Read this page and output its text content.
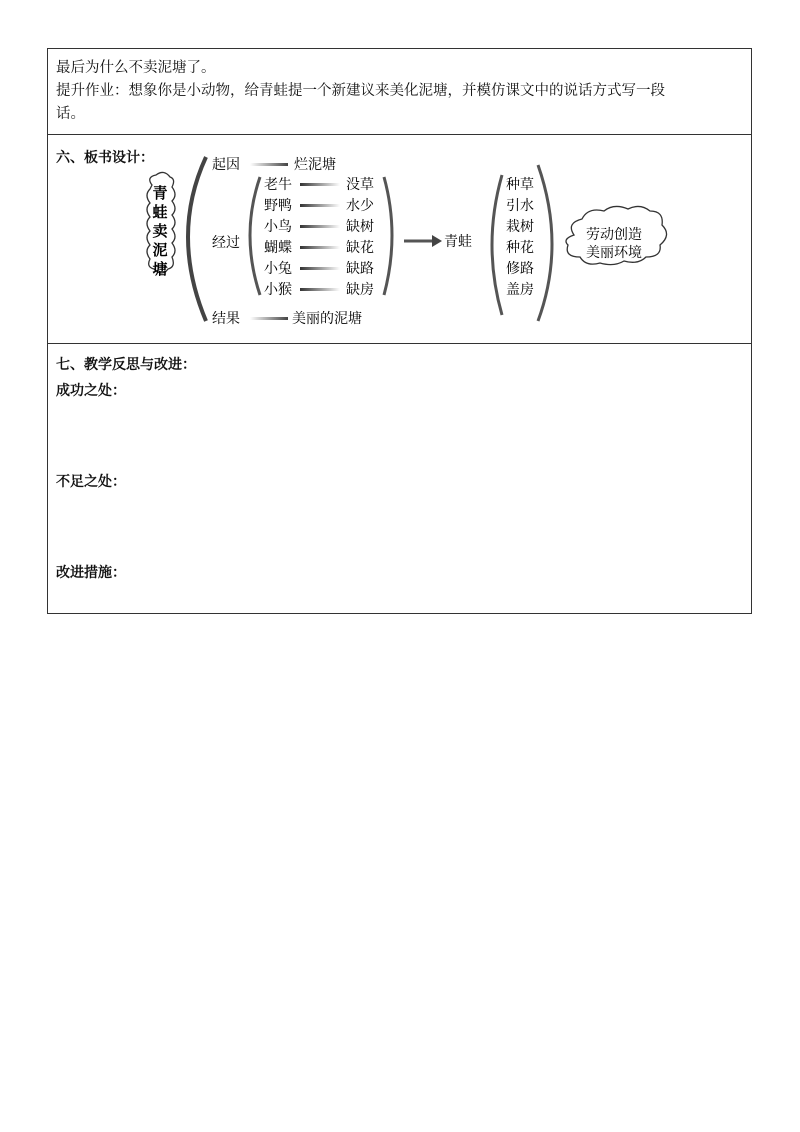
最后为什么不卖泥塘了。

提升作业：想象你是小动物，给青蛙提一个新建议来美化泥塘，并模仿课文中的说话方式写一段

话。

六、板书设计：
青
蛙
卖
泥
塘
起因	烂泥塘
经过
老牛
野鸭
小鸟
蝴蝶
小兔
小猴
没草
水少
缺树
缺花
缺路
缺房
青蛙
种草
引水
栽树
种花
修路
盖房
劳动创造
美丽环境
结果	美丽的泥塘
七、教学反思与改进：
成功之处：
不足之处：
改进措施：
